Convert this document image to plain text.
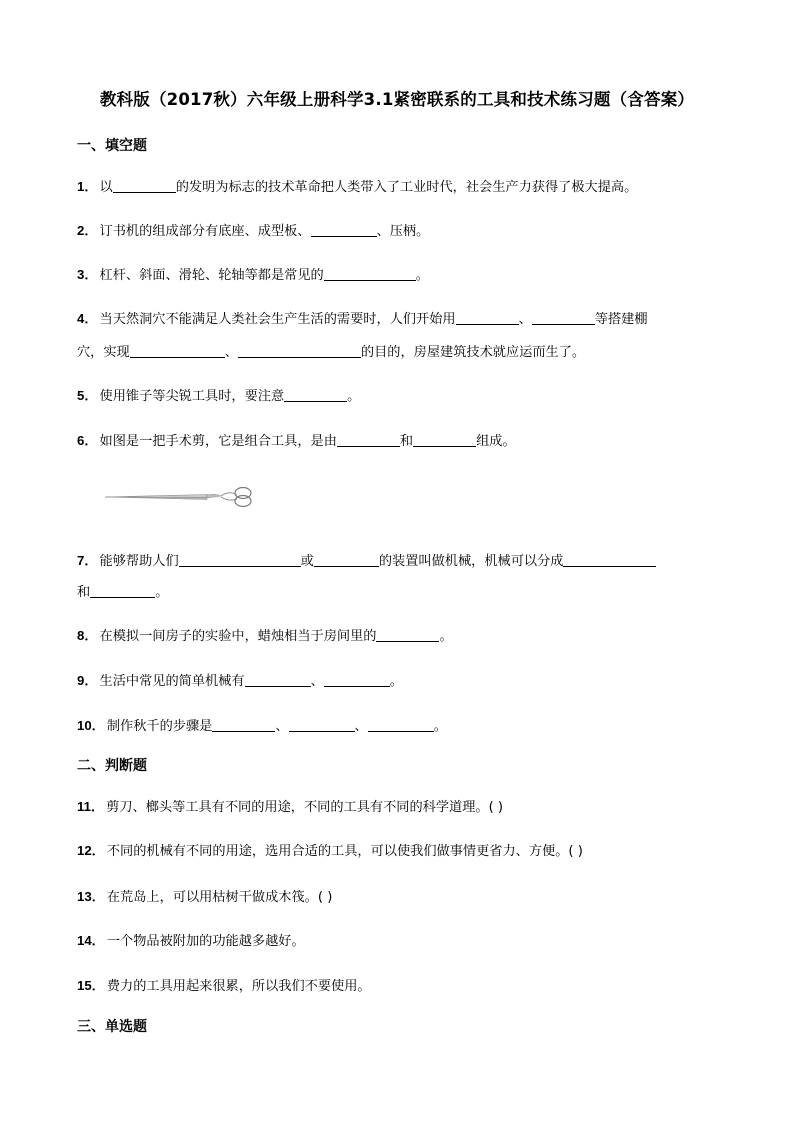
教科版（2017秋）六年级上册科学3.1紧密联系的工具和技术练习题（含答案）
一、填空题
1． 以	的发明为标志的技术革命把人类带入了工业时代，社会生产力获得了极大提高。
2． 订书机的组成部分有底座、成型板、	、压柄。
3． 杠杆、斜面、滑轮、轮轴等都是常见的	。
4． 当天然洞穴不能满足人类社会生产生活的需要时，人们开始用	、	等搭建棚
穴，实现	、	的目的，房屋建筑技术就应运而生了。
5． 使用锥子等尖锐工具时，要注意	。
6． 如图是一把手术剪，它是组合工具，是由	和	组成。
7． 能够帮助人们	或	的装置叫做机械，机械可以分成
和	。
8． 在模拟一间房子的实验中，蜡烛相当于房间里的	。
9． 生活中常见的简单机械有	、	。
10． 制作秋千的步骤是	、	、	。
二、判断题
11． 剪刀、榔头等工具有不同的用途，不同的工具有不同的科学道理。( )
12． 不同的机械有不同的用途，选用合适的工具，可以使我们做事情更省力、方便。( )
13． 在荒岛上，可以用枯树干做成木筏。( )
14． 一个物品被附加的功能越多越好。
15． 费力的工具用起来很累，所以我们不要使用。
三、单选题
